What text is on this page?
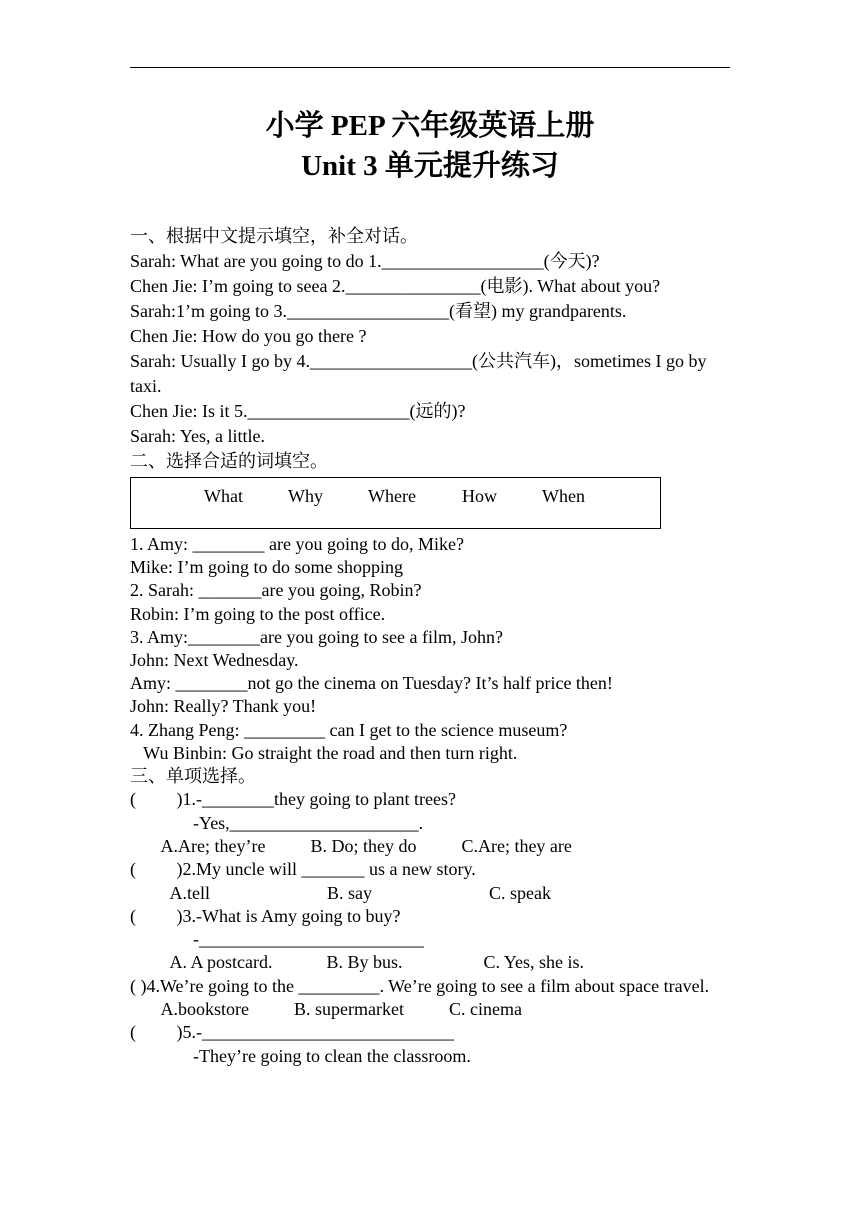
小学 PEP 六年级英语上册
Unit 3 单元提升练习

一、根据中文提示填空，补全对话。

Sarah: What are you going to do 1.__________________(今天)?

Chen Jie: I’m going to seea 2._______________(电影). What about you?

Sarah:1’m going to 3.__________________(看望) my grandparents.

Chen Jie: How do you go there ?

Sarah: Usually I go by 4.__________________(公共汽车)，sometimes I go by taxi.

Chen Jie: Is it 5.__________________(远的)?

Sarah: Yes, a little.

二、选择合适的词填空。

What	Why	Where	How	When

1. Amy: ________ are you going to do, Mike?

Mike: I’m going to do some shopping

2. Sarah: _______are you going, Robin?

Robin: I’m going to the post office.

3. Amy:________are you going to see a film, John?

John: Next Wednesday.

Amy: ________not go the cinema on Tuesday? It’s half price then!

John: Really? Thank you!

4. Zhang Peng: _________ can I get to the science museum?

Wu Binbin: Go straight the road and then turn right.

三、单项选择。

(         )1.-________they going to plant trees?

-Yes,_____________________.

A.Are; they’re          B. Do; they do          C.Are; they are

(         )2.My uncle will _______ us a new story.

A.tell                          B. say                          C. speak

(         )3.-What is Amy going to buy?

-_________________________

A. A postcard.            B. By bus.                  C. Yes, she is.

( )4.We’re going to the _________. We’re going to see a film about space travel.

A.bookstore          B. supermarket          C. cinema

(         )5.-____________________________

-They’re going to clean the classroom.
